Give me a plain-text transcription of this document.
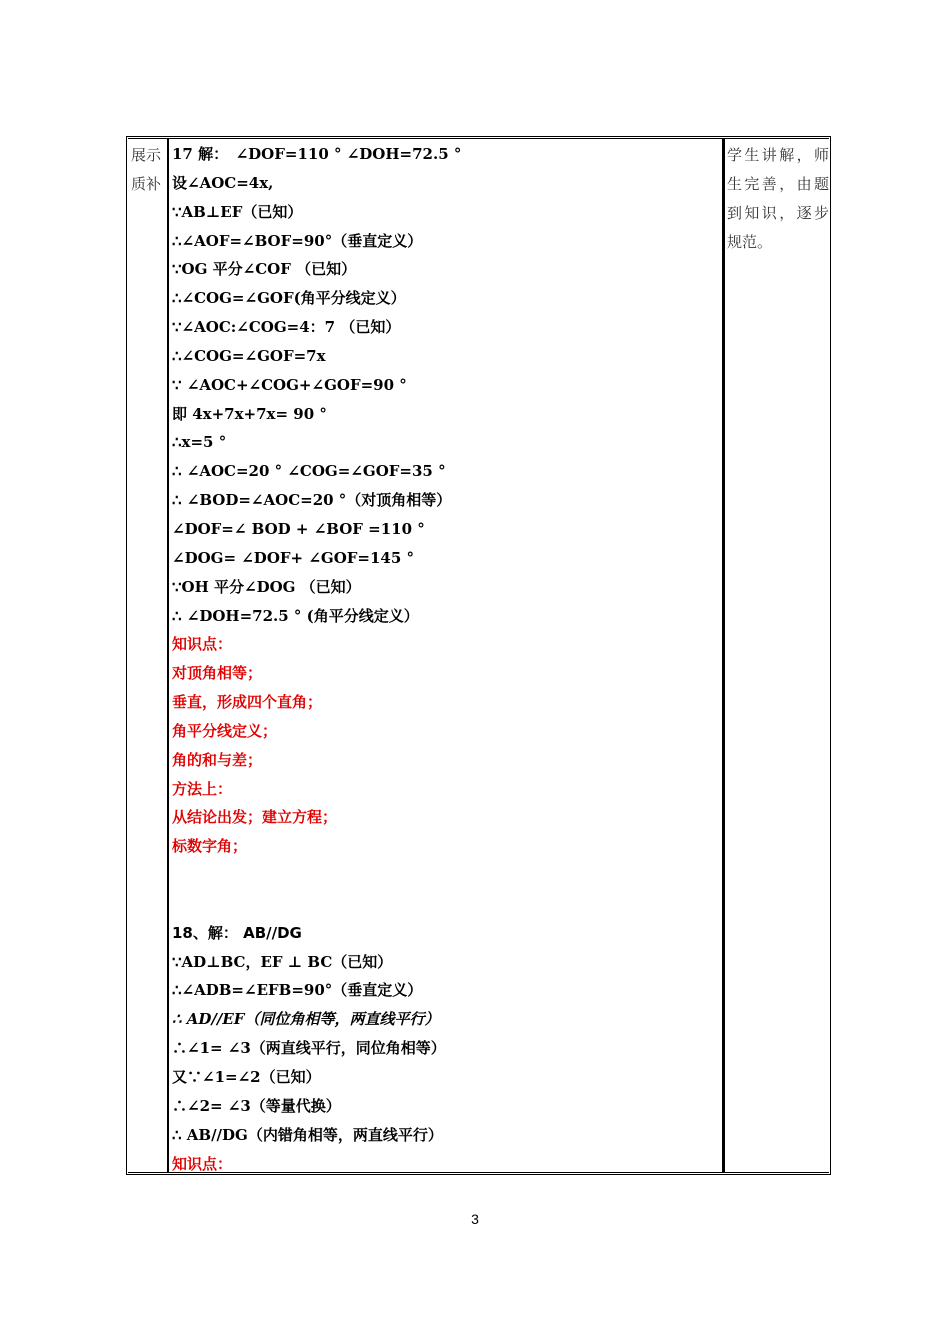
展示质补
17 解：　∠DOF=110 ° ∠DOH=72.5 °
设∠AOC=4x,
∵AB⊥EF（已知）
∴∠AOF=∠BOF=90°（垂直定义）
∵OG 平分∠COF （已知）
∴∠COG=∠GOF(角平分线定义）
∵∠AOC:∠COG=4：7 （已知）
∴∠COG=∠GOF=7x
∵ ∠AOC+∠COG+∠GOF=90 °
即 4x+7x+7x= 90 °
∴x=5 °
∴ ∠AOC=20 ° ∠COG=∠GOF=35 °
∴ ∠BOD=∠AOC=20 °（对顶角相等）
∠DOF=∠ BOD + ∠BOF =110 °
∠DOG= ∠DOF+ ∠GOF=145 °
∵OH 平分∠DOG （已知）
∴ ∠DOH=72.5 ° (角平分线定义）
知识点：
对顶角相等；
垂直，形成四个直角；
角平分线定义；
角的和与差；
方法上：
从结论出发；建立方程；
标数字角；
18、解： AB//DG
∵AD⊥BC，EF ⊥ BC（已知）
∴∠ADB=∠EFB=90°（垂直定义）
∴ AD//EF（同位角相等，两直线平行）
∴∠1= ∠3（两直线平行，同位角相等）
又∵∠1=∠2（已知）
∴∠2= ∠3（等量代换）
∴ AB//DG（内错角相等，两直线平行）
知识点：
学生讲解，师生完善，由题到知识，逐步规范。
3
